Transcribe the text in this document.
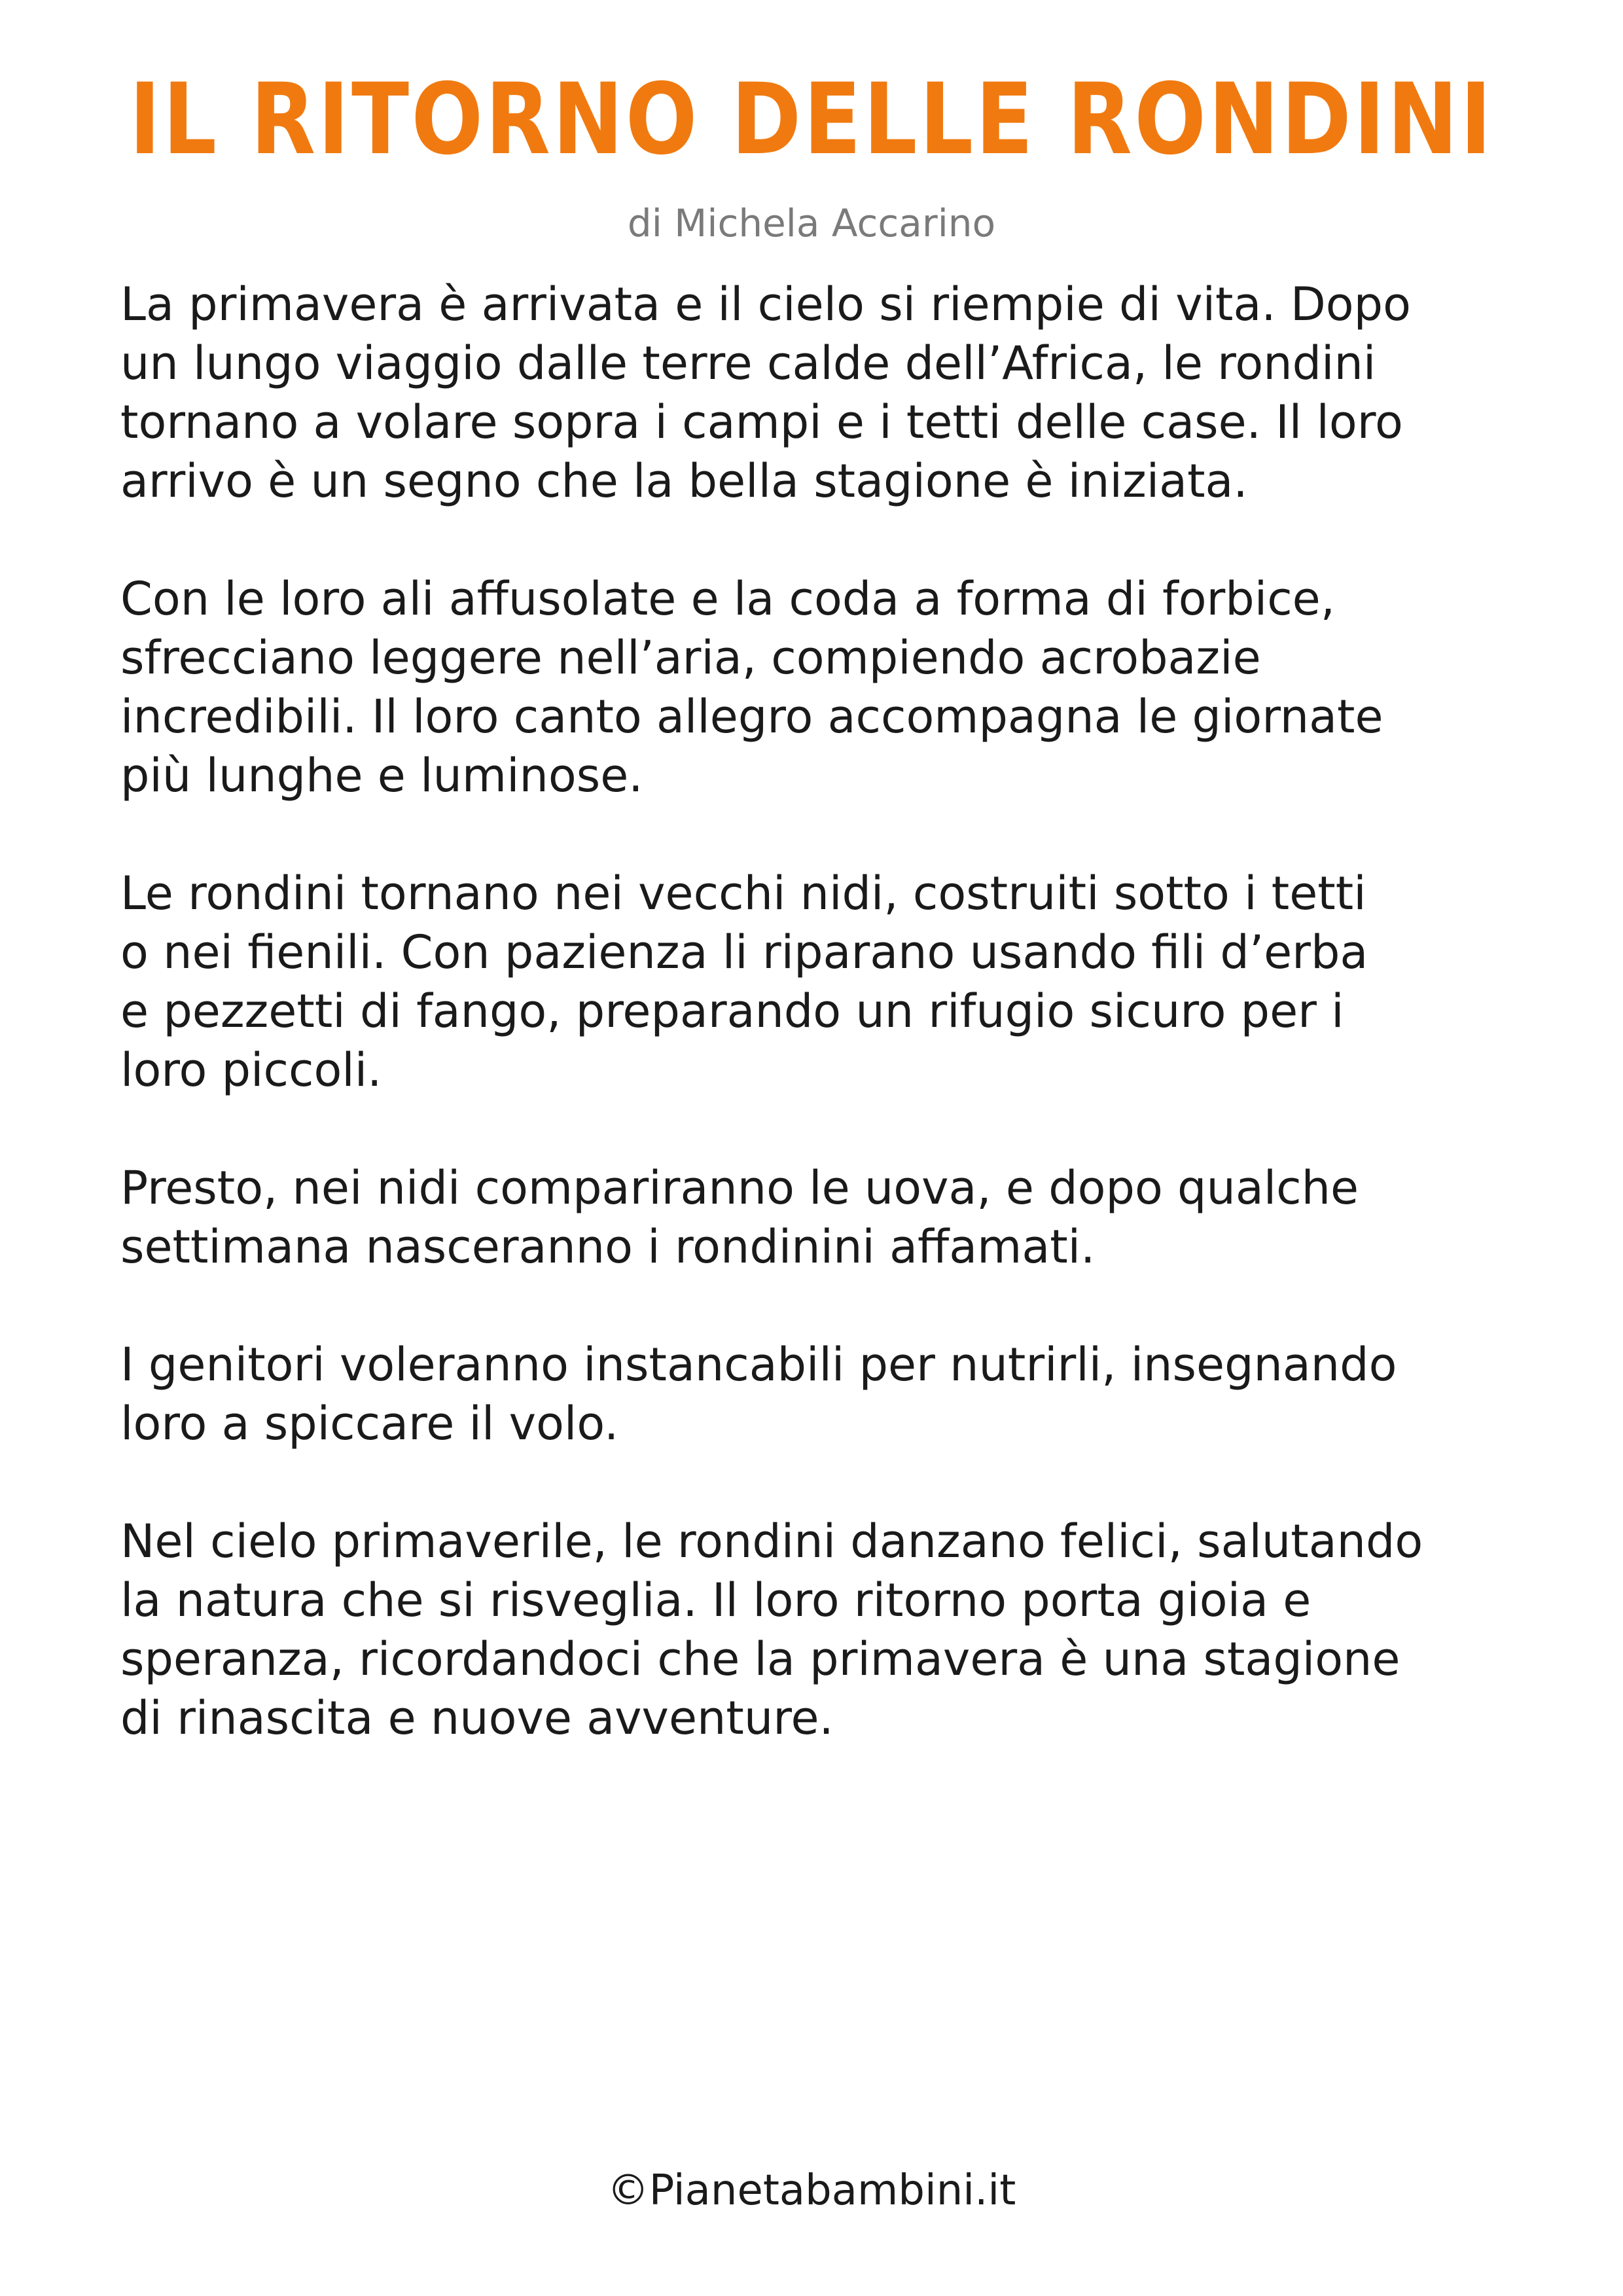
IL RITORNO DELLE RONDINI
di Michela Accarino

La primavera è arrivata e il cielo si riempie di vita. Dopo
un lungo viaggio dalle terre calde dell’Africa, le rondini
tornano a volare sopra i campi e i tetti delle case. Il loro
arrivo è un segno che la bella stagione è iniziata.

Con le loro ali affusolate e la coda a forma di forbice,
sfrecciano leggere nell’aria, compiendo acrobazie
incredibili. Il loro canto allegro accompagna le giornate
più lunghe e luminose.

Le rondini tornano nei vecchi nidi, costruiti sotto i tetti
o nei fienili. Con pazienza li riparano usando fili d’erba
e pezzetti di fango, preparando un rifugio sicuro per i
loro piccoli.

Presto, nei nidi compariranno le uova, e dopo qualche
settimana nasceranno i rondinini affamati.

I genitori voleranno instancabili per nutrirli, insegnando
loro a spiccare il volo.

Nel cielo primaverile, le rondini danzano felici, salutando
la natura che si risveglia. Il loro ritorno porta gioia e
speranza, ricordandoci che la primavera è una stagione
di rinascita e nuove avventure.

©Pianetabambini.it
